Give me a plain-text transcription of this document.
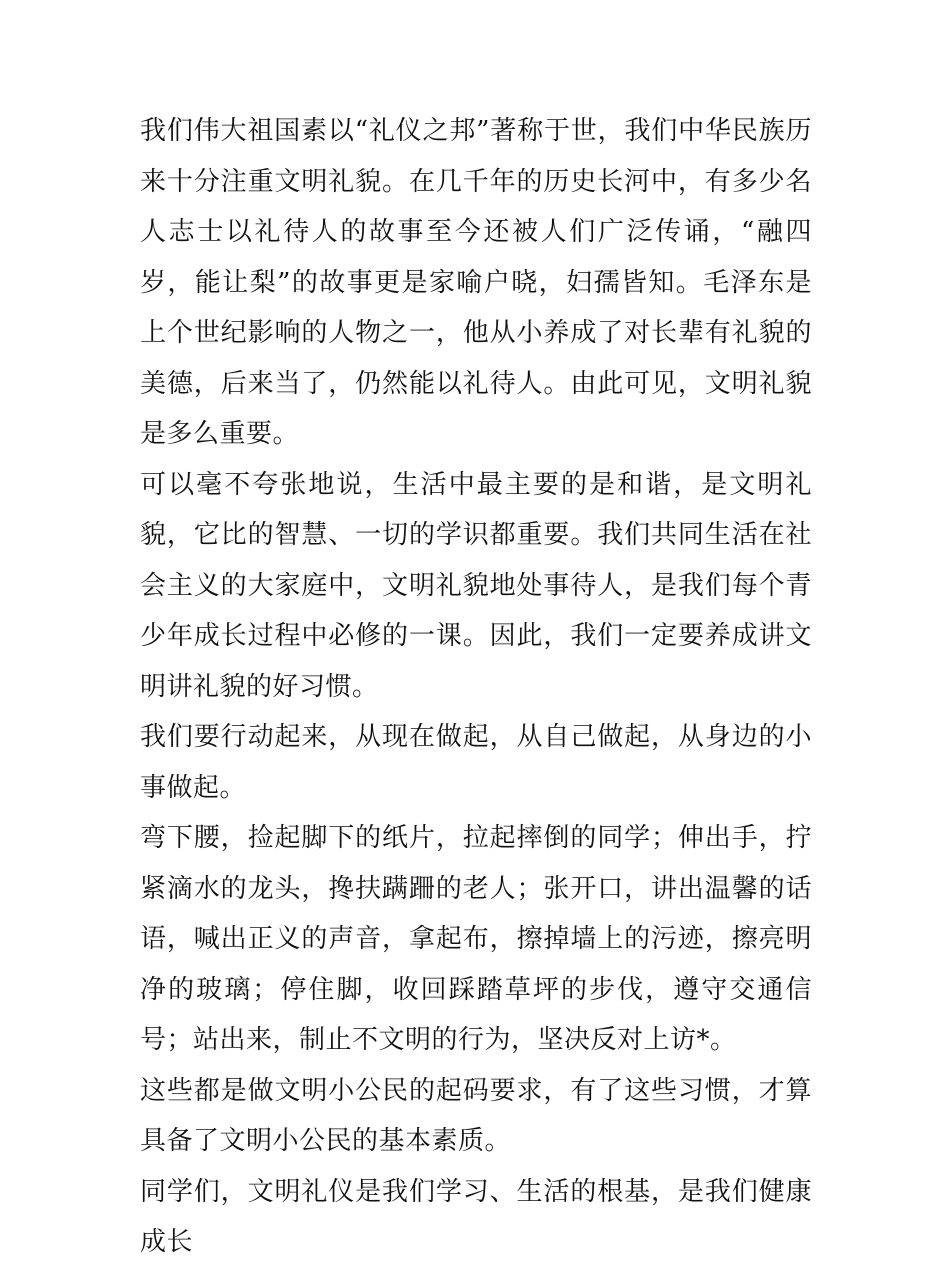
我们伟大祖国素以“礼仪之邦”著称于世，我们中华民族历来十分注重文明礼貌。在几千年的历史长河中，有多少名人志士以礼待人的故事至今还被人们广泛传诵，“融四岁，能让梨”的故事更是家喻户晓，妇孺皆知。毛泽东是上个世纪影响的人物之一，他从小养成了对长辈有礼貌的美德，后来当了，仍然能以礼待人。由此可见，文明礼貌是多么重要。

可以毫不夸张地说，生活中最主要的是和谐，是文明礼貌，它比的智慧、一切的学识都重要。我们共同生活在社会主义的大家庭中，文明礼貌地处事待人，是我们每个青少年成长过程中必修的一课。因此，我们一定要养成讲文明讲礼貌的好习惯。

我们要行动起来，从现在做起，从自己做起，从身边的小事做起。

弯下腰，捡起脚下的纸片，拉起摔倒的同学；伸出手，拧紧滴水的龙头，搀扶蹒跚的老人；张开口，讲出温馨的话语，喊出正义的声音，拿起布，擦掉墙上的污迹，擦亮明净的玻璃；停住脚，收回踩踏草坪的步伐，遵守交通信号；站出来，制止不文明的行为，坚决反对上访*。

这些都是做文明小公民的起码要求，有了这些习惯，才算具备了文明小公民的基本素质。

同学们，文明礼仪是我们学习、生活的根基，是我们健康成长
